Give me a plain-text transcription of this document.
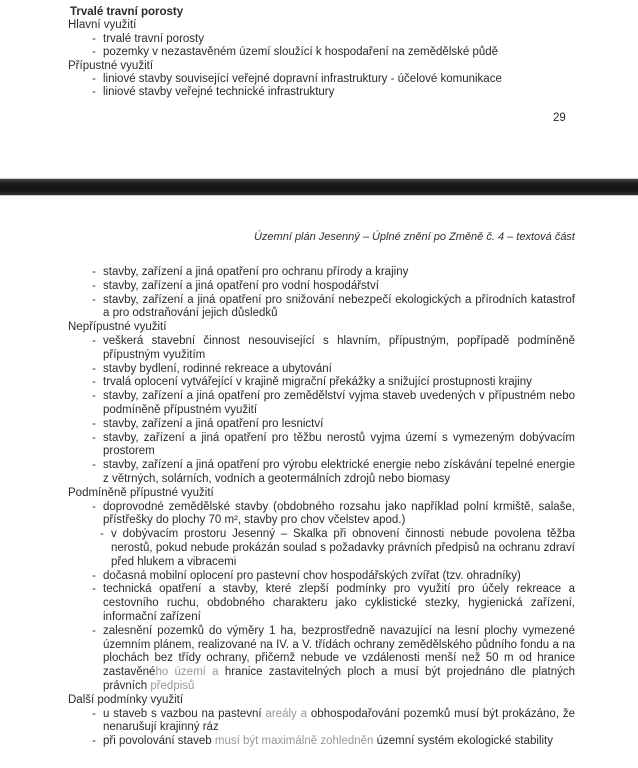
Trvalé travní porosty
Hlavní využití
- trvalé travní porosty
- pozemky v nezastavěném území sloužící k hospodaření na zemědělské půdě
Přípustné využití
- liniové stavby související veřejné dopravní infrastruktury - účelové komunikace
- liniové stavby veřejné technické infrastruktury
29
Územní plán Jesenný – Úplné znění po Změně č. 4 – textová část
- stavby, zařízení a jiná opatření pro ochranu přírody a krajiny
- stavby, zařízení a jiná opatření pro vodní hospodářství
- stavby, zařízení a jiná opatření pro snižování nebezpečí ekologických a přírodních katastrof a pro odstraňování jejich důsledků
Nepřípustné využití
- veškerá stavební činnost nesouvisející s hlavním, přípustným, popřípadě podmíněně přípustným využitím
- stavby bydlení, rodinné rekreace a ubytování
- trvalá oplocení vytvářející v krajině migrační překážky a snižující prostupnosti krajiny
- stavby, zařízení a jiná opatření pro zemědělství vyjma staveb uvedených v přípustném nebo podmíněně přípustném využití
- stavby, zařízení a jiná opatření pro lesnictví
- stavby, zařízení a jiná opatření pro těžbu nerostů vyjma území s vymezeným dobývacím prostorem
- stavby, zařízení a jiná opatření pro výrobu elektrické energie nebo získávání tepelné energie z větrných, solárních, vodních a geotermálních zdrojů nebo biomasy
Podmíněně přípustné využití
- doprovodné zemědělské stavby (obdobného rozsahu jako například polní krmiště, salaše, přístřešky do plochy 70 m², stavby pro chov včelstev apod.)
- v dobývacím prostoru Jesenný – Skalka při obnovení činnosti nebude povolena těžba nerostů, pokud nebude prokázán soulad s požadavky právních předpisů na ochranu zdraví před hlukem a vibracemi
- dočasná mobilní oplocení pro pastevní chov hospodářských zvířat (tzv. ohradníky)
- technická opatření a stavby, které zlepší podmínky pro využití pro účely rekreace a cestovního ruchu, obdobného charakteru jako cyklistické stezky, hygienická zařízení, informační zařízení
- zalesnění pozemků do výměry 1 ha, bezprostředně navazující na lesní plochy vymezené územním plánem, realizované na IV. a V. třídách ochrany zemědělského půdního fondu a na plochách bez třídy ochrany, přičemž nebude ve vzdálenosti menší než 50 m od hranice zastavěného území a hranice zastavitelných ploch a musí být projednáno dle platných právních předpisů
Další podmínky využití
- u staveb s vazbou na pastevní areály a obhospodařování pozemků musí být prokázáno, že nenarušují krajinný ráz
- při povolování staveb musí být maximálně zohledněn územní systém ekologické stability
